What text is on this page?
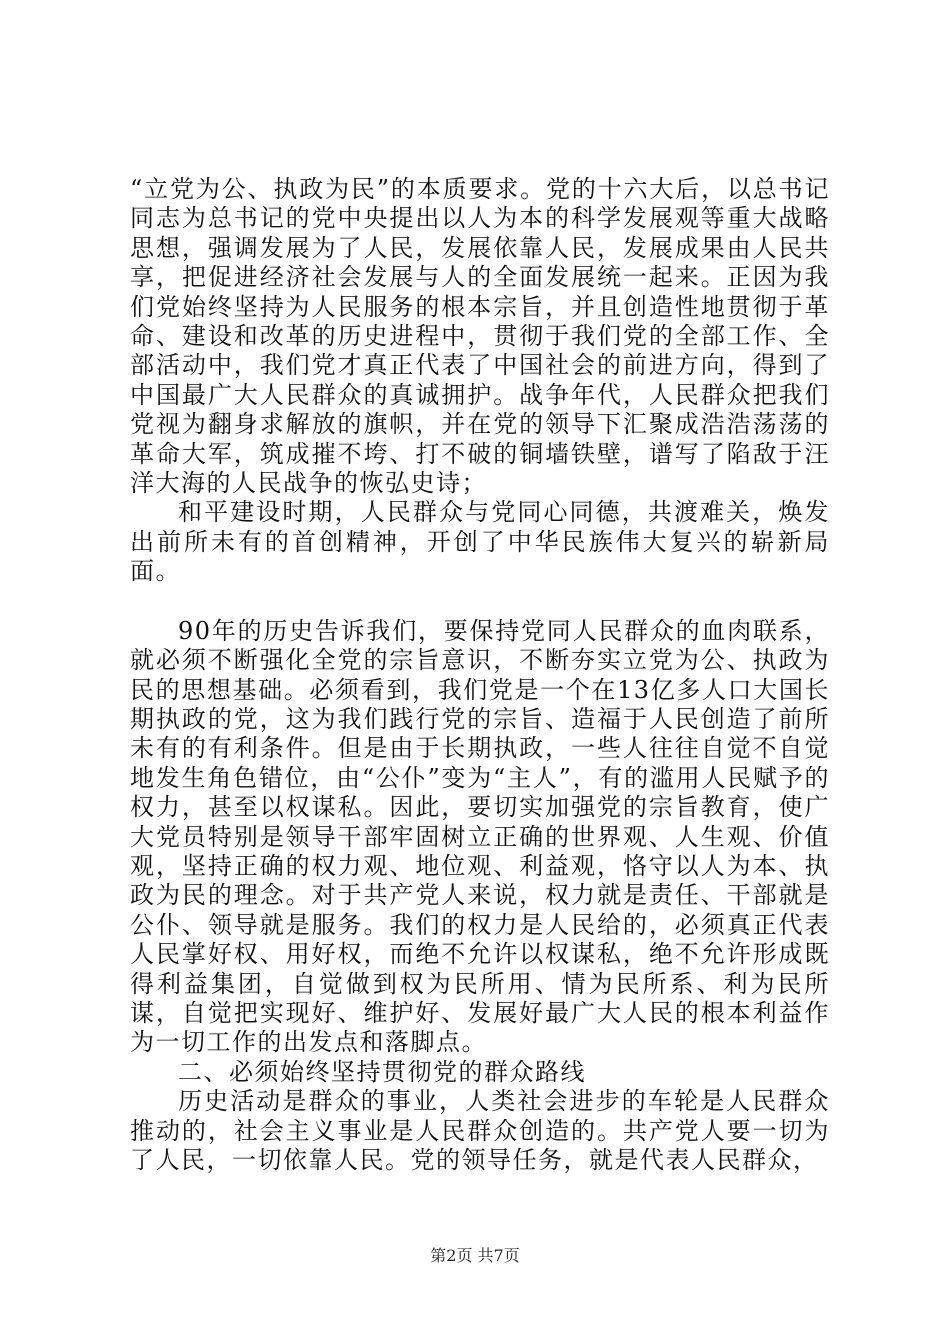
“立党为公、执政为民”的本质要求。党的十六大后，以总书记同志为总书记的党中央提出以人为本的科学发展观等重大战略思想，强调发展为了人民，发展依靠人民，发展成果由人民共享，把促进经济社会发展与人的全面发展统一起来。正因为我们党始终坚持为人民服务的根本宗旨，并且创造性地贯彻于革命、建设和改革的历史进程中，贯彻于我们党的全部工作、全部活动中，我们党才真正代表了中国社会的前进方向，得到了中国最广大人民群众的真诚拥护。战争年代，人民群众把我们党视为翻身求解放的旗帜，并在党的领导下汇聚成浩浩荡荡的革命大军，筑成摧不垮、打不破的铜墙铁壁，谱写了陷敌于汪洋大海的人民战争的恢弘史诗；

和平建设时期，人民群众与党同心同德，共渡难关，焕发出前所未有的首创精神，开创了中华民族伟大复兴的崭新局面。

90年的历史告诉我们，要保持党同人民群众的血肉联系，就必须不断强化全党的宗旨意识，不断夯实立党为公、执政为民的思想基础。必须看到，我们党是一个在13亿多人口大国长期执政的党，这为我们践行党的宗旨、造福于人民创造了前所未有的有利条件。但是由于长期执政，一些人往往自觉不自觉地发生角色错位，由“公仆”变为“主人”，有的滥用人民赋予的权力，甚至以权谋私。因此，要切实加强党的宗旨教育，使广大党员特别是领导干部牢固树立正确的世界观、人生观、价值观，坚持正确的权力观、地位观、利益观，恪守以人为本、执政为民的理念。对于共产党人来说，权力就是责任、干部就是公仆、领导就是服务。我们的权力是人民给的，必须真正代表人民掌好权、用好权，而绝不允许以权谋私，绝不允许形成既得利益集团，自觉做到权为民所用、情为民所系、利为民所谋，自觉把实现好、维护好、发展好最广大人民的根本利益作为一切工作的出发点和落脚点。

二、必须始终坚持贯彻党的群众路线

历史活动是群众的事业，人类社会进步的车轮是人民群众推动的，社会主义事业是人民群众创造的。共产党人要一切为了人民，一切依靠人民。党的领导任务，就是代表人民群众，

第2页 共7页
